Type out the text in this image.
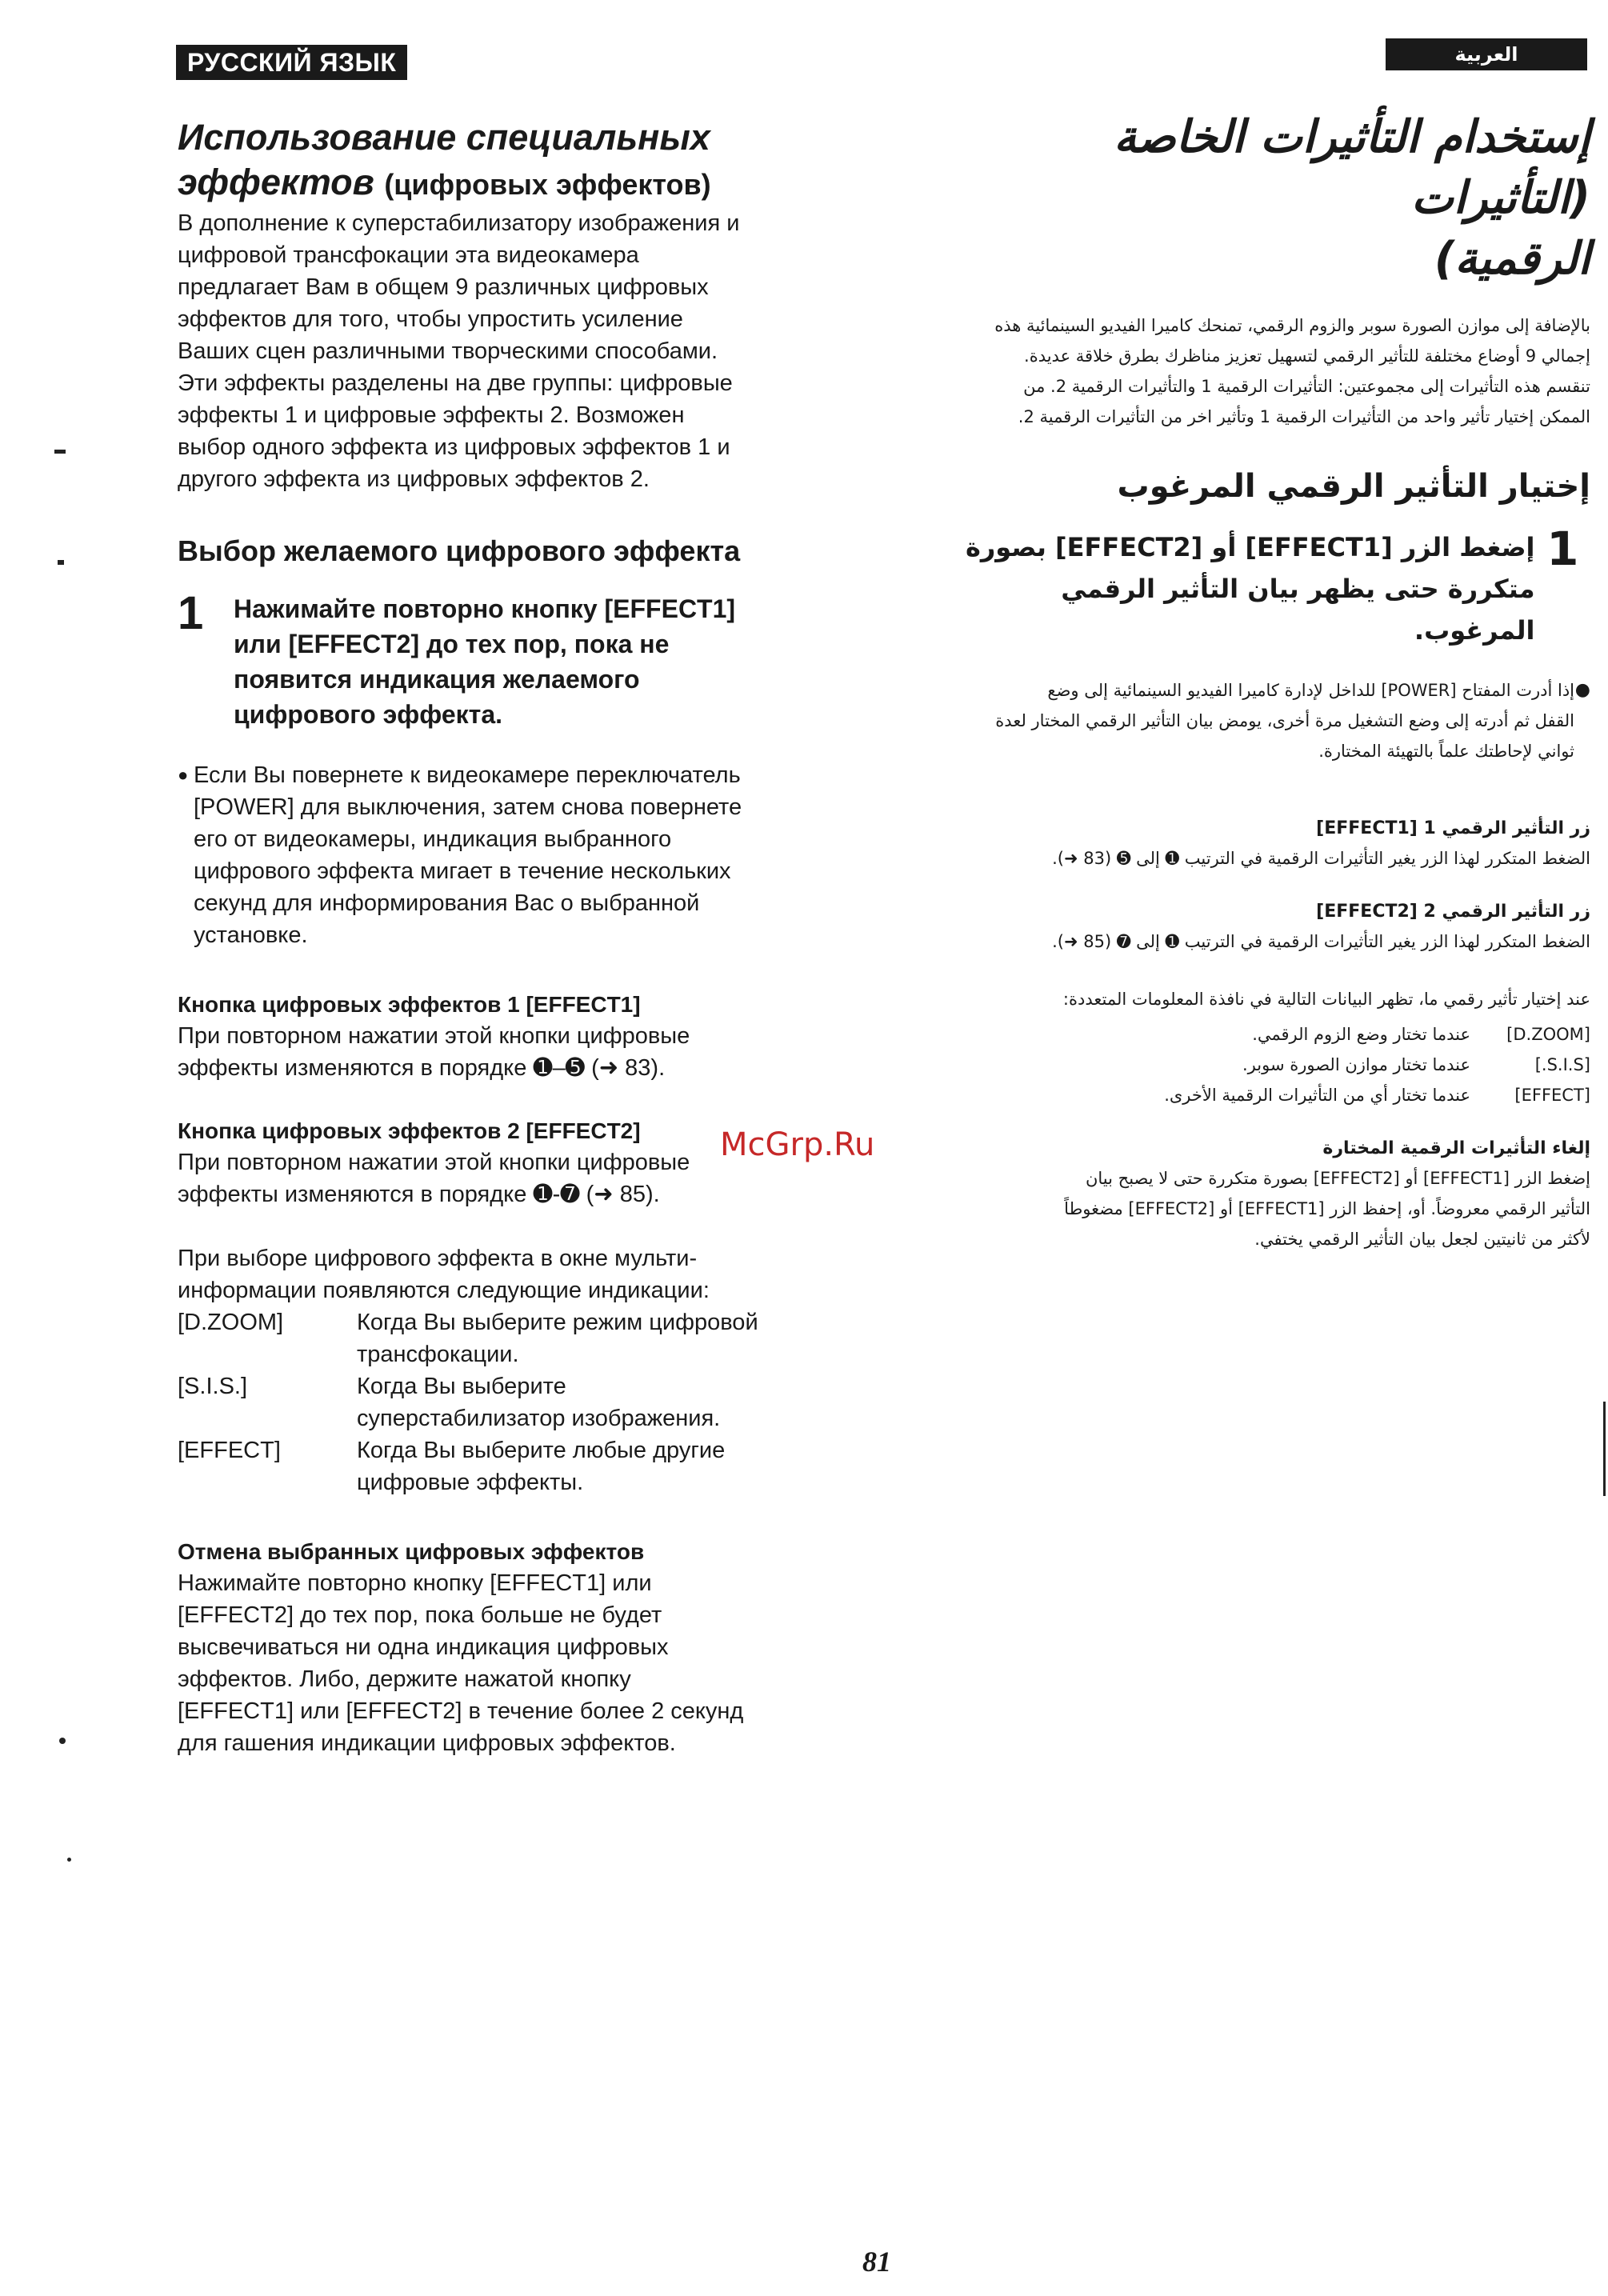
РУССКИЙ ЯЗЫК	العربية
Использование специальных эффектов (цифровых эффектов)

В дополнение к суперстабилизатору изображения и

цифровой трансфокации эта видеокамера

предлагает Вам в общем 9 различных цифровых

эффектов для того, чтобы упростить усиление

Ваших сцен различными творческими способами.

Эти эффекты разделены на две группы: цифровые

эффекты 1 и цифровые эффекты 2. Возможен

выбор одного эффекта из цифровых эффектов 1 и

другого эффекта из цифровых эффектов 2.

Выбор желаемого цифрового эффекта
1	Нажимайте повторно кнопку [EFFECT1]
или [EFFECT2] до тех пор, пока не
появится индикация желаемого
цифрового эффекта.
● Если Вы повернете к видеокамере переключатель

[POWER] для выключения, затем снова повернете

его от видеокамеры, индикация выбранного

цифрового эффекта мигает в течение нескольких

секунд для информирования Вас о выбранной

установке.

Кнопка цифровых эффектов 1 [EFFECT1]

При повторном нажатии этой кнопки цифровые

эффекты изменяются в порядке ➊–➎ (➜ 83).

Кнопка цифровых эффектов 2 [EFFECT2]

При повторном нажатии этой кнопки цифровые

эффекты изменяются в порядке ➊-➐ (➜ 85).

При выборе цифрового эффекта в окне мульти-

информации появляются следующие индикации:

[D.ZOOM]	Когда Вы выберите режим цифровой
трансфокации.

[S.I.S.]	Когда Вы выберите
суперстабилизатор изображения.

[EFFECT]	Когда Вы выберите любые другие
цифровые эффекты.
Отмена выбранных цифровых эффектов

Нажимайте повторно кнопку [EFFECT1] или

[EFFECT2] до тех пор, пока больше не будет

высвечиваться ни одна индикация цифровых

эффектов. Либо, держите нажатой кнопку

[EFFECT1] или [EFFECT2] в течение более 2 секунд

для гашения индикации цифровых эффектов.

إستخدام التأثيرات الخاصة (التأثيرات
الرقمية)

بالإضافة إلى موازن الصورة سوبر والزوم الرقمي، تمنحك كاميرا الفيديو السينمائية هذه

إجمالي 9 أوضاع مختلفة للتأثير الرقمي لتسهيل تعزيز مناظرك بطرق خلاقة عديدة.

تنقسم هذه التأثيرات إلى مجموعتين: التأثيرات الرقمية 1 والتأثيرات الرقمية 2. من

الممكن إختيار تأثير واحد من التأثيرات الرقمية 1 وتأثير اخر من التأثيرات الرقمية 2.

إختيار التأثير الرقمي المرغوب
1
إضغط الزر [EFFECT1] أو [EFFECT2] بصورة
متكررة حتى يظهر بيان التأثير الرقمي المرغوب.
●

إذا أدرت المفتاح [POWER] للداخل لإدارة كاميرا الفيديو السينمائية إلى وضع

القفل ثم أدرته إلى وضع التشغيل مرة أخرى، يومض بيان التأثير الرقمي المختار لعدة

ثواني لإحاطتك علماً بالتهيئة المختارة.

زر التأثير الرقمي 1 [EFFECT1]

الضغط المتكرر لهذا الزر يغير التأثيرات الرقمية في الترتيب ➊ إلى ➎ (83 ➜).

زر التأثير الرقمي 2 [EFFECT2]

الضغط المتكرر لهذا الزر يغير التأثيرات الرقمية في الترتيب ➊ إلى ➐ (85 ➜).

عند إختيار تأثير رقمي ما، تظهر البيانات التالية في نافذة المعلومات المتعددة:

[D.ZOOM]
عندما تختار وضع الزوم الرقمي.
[S.I.S.]
عندما تختار موازن الصورة سوبر.
[EFFECT]
عندما تختار أي من التأثيرات الرقمية الأخرى.
إلغاء التأثيرات الرقمية المختارة

إضغط الزر [EFFECT1] أو [EFFECT2] بصورة متكررة حتى لا يصبح بيان

التأثير الرقمي معروضاً. أو، إحفظ الزر [EFFECT1] أو [EFFECT2] مضغوطاً

لأكثر من ثانيتين لجعل بيان التأثير الرقمي يختفي.

McGrp.Ru
81
